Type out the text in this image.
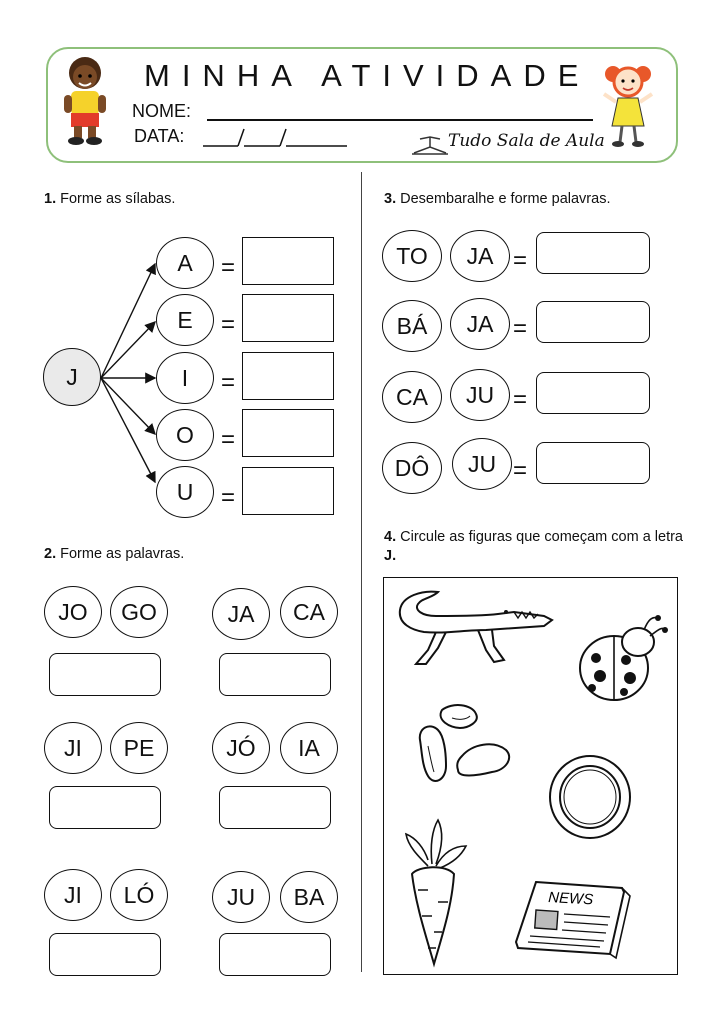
MINHA ATIVIDADE
NOME:
DATA:	Tudo Sala de Aula
1. Forme as sílabas.
J
A	=
E	=
I	=
O	=
U	=
2. Forme as palavras.
JO	GO	JA	CA
JI	PE	JÓ	IA
JI	LÓ	JU	BA
3. Desembaralhe e forme palavras.
TO	JA =
BÁ	JA =
CA	JU =
DÔ	JU =
4. Circule as figuras que começam com a letra J.
NEWS
